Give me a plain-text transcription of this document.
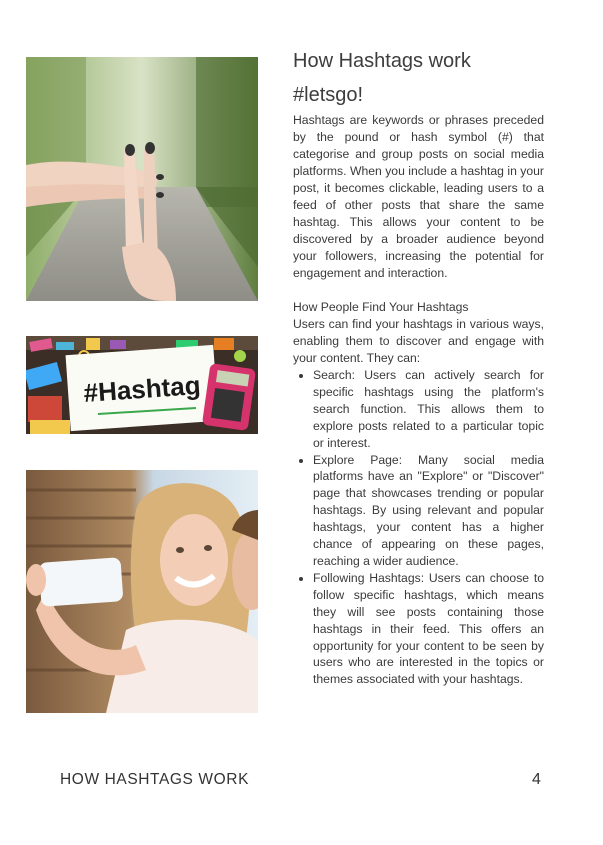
#Hashtag
How Hashtags work
#letsgo!

Hashtags are keywords or phrases preceded by the pound or hash symbol (#) that categorise and group posts on social media platforms. When you include a hashtag in your post, it becomes clickable, leading users to a feed of other posts that share the same hashtag. This allows your content to be discovered by a broader audience beyond your followers, increasing the potential for engagement and interaction.

How People Find Your Hashtags

Users can find your hashtags in various ways, enabling them to discover and engage with your content. They can:

• Search: Users can actively search for specific hashtags using the platform's search function. This allows them to explore posts related to a particular topic or interest.
• Explore Page: Many social media platforms have an "Explore" or "Discover" page that showcases trending or popular hashtags. By using relevant and popular hashtags, your content has a higher chance of appearing on these pages, reaching a wider audience.
• Following Hashtags: Users can choose to follow specific hashtags, which means they will see posts containing those hashtags in their feed. This offers an opportunity for your content to be seen by users who are interested in the topics or themes associated with your hashtags.
HOW HASHTAGS WORK	4
